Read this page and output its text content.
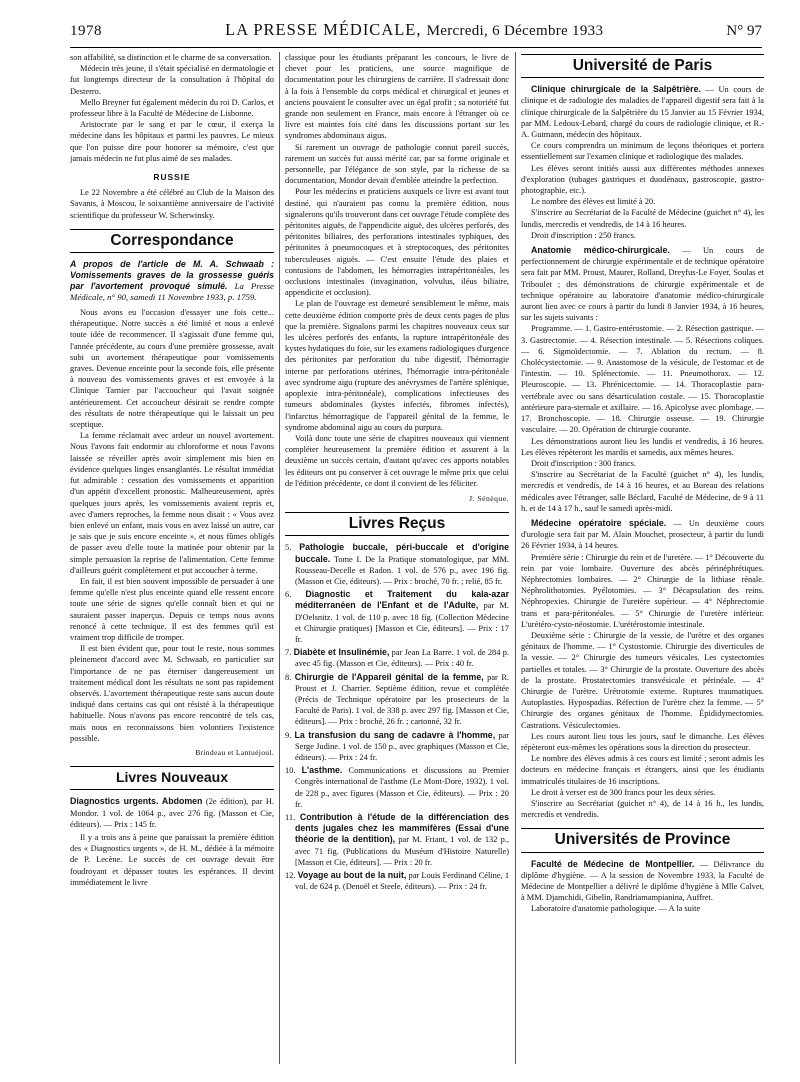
1978	LA PRESSE MÉDICALE, Mercredi, 6 Décembre 1933	N° 97

son affabilité, sa distinction et le charme de sa conversation.

Médecin très jeune, il s'était spécialisé en dermatologie et fut longtemps directeur de la consultation à l'hôpital do Desterro.

Mello Breyner fut également médecin du roi D. Carlos, et professeur libre à la Faculté de Médecine de Lisbonne.

Aristocrate par le sang et par le cœur, il exerça la médecine dans les hôpitaux et parmi les pauvres. Le mieux que l'on puisse dire pour honorer sa mémoire, c'est que jamais médecin ne fut plus aimé de ses malades.

RUSSIE

Le 22 Novembre a été célébré au Club de la Maison des Savants, à Moscou, le soixantième anniversaire de l'activité scientifique du professeur W. Scherwinsky.

Correspondance

A propos de l'article de M. A. Schwaab : Vomissements graves de la grossesse guéris par l'avortement provoqué simulé. La Presse Médicale, n° 90, samedi 11 Novembre 1933, p. 1759.

Nous avons eu l'occasion d'essayer une fois cette... thérapeutique. Notre succès a été limité et nous a enlevé toute idée de recommencer. Il s'agissait d'une femme qui, l'année précédente, au cours d'une première grossesse, avait subi un avortement thérapeutique pour vomissements graves. Devenue enceinte pour la seconde fois, elle présente à nouveau des vomissements graves et est envoyée à la Clinique Tarnier par l'accoucheur qui l'avait soignée antérieurement. Cet accoucheur désirait se rendre compte des résultats de notre thérapeutique qui le laissait un peu sceptique.

La femme réclamait avec ardeur un nouvel avortement. Nous l'avons fait endormir au chloroforme et nous l'avons laissée se réveiller après avoir simplement mis bien en évidence quelques linges ensanglantés. Le résultat immédiat fut admirable : cessation des vomissements et apparition d'un appétit d'excellent pronostic. Malheureusement, après quelques jours après, les vomissements avaient repris et, avec d'amers reproches, la femme nous disait : « Vous avez bien enlevé un enfant, mais vous en avez laissé un autre, car je sais que je suis encore enceinte », et nous fûmes obligés de passer aveu d'elle toute la matinée pour obtenir par la simple persuasion la reprise de l'alimentation. Cette femme d'ailleurs guérit complètement et put accoucher à terme.

En fait, il est bien souvent impossible de persuader à une femme qu'elle n'est plus enceinte quand elle ressent encore toute une série de signes qu'elle connaît bien et qui ne sauraient passer inaperçus. Depuis ce temps nous avons renoncé à cette technique. Il est des femmes qu'il est vraiment trop difficile de tromper.

Il est bien évident que, pour tout le reste, nous sommes pleinement d'accord avec M. Schwaab, en particulier sur l'importance de ne pas éterniser dangereusement un traitement médical dont les résultats ne sont pas rapidement observés. L'avortement thérapeutique reste sans aucun doute indiqué dans certains cas qui ont résisté à la thérapeutique habituelle. Nous n'avons pas encore rencontré de tels cas, mais nous en reconnaissons bien volontiers l'existence possible.

Brindeau et Lantuéjoul.

Livres Nouveaux

Diagnostics urgents. Abdomen (2e édition), par H. Mondor. 1 vol. de 1064 p., avec 276 fig. (Masson et Cie, éditeurs). — Prix : 145 fr.

Il y a trois ans à peine que paraissait la première édition des « Diagnostics urgents », de H. M., dédiée à la mémoire de P. Lecène. Le succès de cet ouvrage devait être foudroyant et dépasser toutes les espérances. Il devint immédiatement le livre

classique pour les étudiants préparant les concours, le livre de chevet pour les praticiens, une source magnifique de documentation pour les chirurgiens de carrière. Il s'adressait donc à la fois à l'ensemble du corps médical et chirurgical et jeunes et anciens pouvaient le consulter avec un égal profit ; sa notoriété fut grande non seulement en France, mais encore à l'étranger où ce livre est maintes fois cité dans les discussions portant sur les syndromes abdominaux aigus.

Si rarement un ouvrage de pathologie connut pareil succès, rarement un succès fut aussi mérité car, par sa forme originale et personnelle, par l'élégance de son style, par la richesse de sa documentation, Mondor devait d'emblée atteindre la perfection.

Pour les médecins et praticiens auxquels ce livre est avant tout destiné, qui n'auraient pas connu la première édition, nous signalerons qu'ils trouveront dans cet ouvrage l'étude complète des péritonites aiguës, de l'appendicite aiguë, des ulcères perforés, des péritonites biliaires, des perforations intestinales typhiques, des péritonites à pneumocoques et à streptocoques, des péritonites tuberculeuses aiguës. — C'est ensuite l'étude des plaies et contusions de l'abdomen, les hémorragies intrapéritonéales, les occlusions intestinales (invagination, volvulus, iléus biliaire, appendicite et occlusion).

Le plan de l'ouvrage est demeuré sensiblement le même, mais cette deuxième édition comporte près de deux cents pages de plus que la première. Signalons parmi les chapitres nouveaux ceux sur les ulcères perforés des enfants, la rupture intrapéritonéale des kystes hydatiques du foie, sur les examens radiologiques d'urgence des péritonites par perforation du tube digestif, l'hémorragie interne par perforations utérines, l'hémorragie intra-péritonéale avec syndrome aigu (rupture des anévrysmes de l'artère splénique, apoplexie intra-péritonéale), complications infectieuses des tumeurs abdominales (kystes infectés, fibromes infectés), l'infarctus hémorragique de l'appareil génital de la femme, le syndrome abdominal aigu au cours du purpura.

Voilà donc toute une série de chapitres nouveaux qui viennent compléter heureusement la première édition et assurent à la deuxième un succès certain, d'autant qu'avec ces apports notables les éditeurs ont pu conserver à cet ouvrage le même prix que celui de l'édition précédente, ce dont il convient de les féliciter.

J. Sénèque.

Livres Reçus

5. Pathologie buccale, péri-buccale et d'origine buccale. Tome I. De la Pratique stomatologique, par MM. Rousseau-Decelle et Radon. 1 vol. de 576 p., avec 196 fig. (Masson et Cie, éditeurs). — Prix : broché, 70 fr. ; relié, 85 fr.

6. Diagnostic et Traitement du kala-azar méditerranéen de l'Enfant et de l'Adulte, par M. D'Oelsnitz. 1 vol. de 110 p. avec 18 fig. (Collection Médecine et Chirurgie pratiques) [Masson et Cie, éditeurs]. — Prix : 17 fr.

7. Diabète et Insulinémie, par Jean La Barre. 1 vol. de 284 p. avec 45 fig. (Masson et Cie, éditeurs). — Prix : 40 fr.

8. Chirurgie de l'Appareil génital de la femme, par R. Proust et J. Charrier. Septième édition, revue et complétée (Précis de Technique opératoire par les prosecteurs de la Faculté de Paris). 1 vol. de 338 p. avec 297 fig. [Masson et Cie, éditeurs]. — Prix : broché, 26 fr. ; cartonné, 32 fr.

9. La transfusion du sang de cadavre à l'homme, par Serge Judine. 1 vol. de 150 p., avec graphiques (Masson et Cie, éditeurs). — Prix : 24 fr.

10. L'asthme. Communications et discussions au Premier Congrès international de l'asthme (Le Mont-Dore, 1932). 1 vol. de 228 p., avec figures (Masson et Cie, éditeurs). — Prix : 20 fr.

11. Contribution à l'étude de la différenciation des dents jugales chez les mammifères (Essai d'une théorie de la dentition), par M. Friant, 1 vol. de 132 p., avec 71 fig. (Publications du Muséum d'Histoire Naturelle) [Masson et Cie, éditeurs]. — Prix : 20 fr.

12. Voyage au bout de la nuit, par Louis Ferdinand Céline, 1 vol. de 624 p. (Denoël et Steele, éditeurs). — Prix : 24 fr.

Université de Paris

Clinique chirurgicale de la Salpêtrière. — Un cours de clinique et de radiologie des maladies de l'appareil digestif sera fait à la clinique chirurgicale de la Salpêtrière du 15 Janvier au 15 Février 1934, par MM. Ledoux-Lebard, chargé du cours de radiologie clinique, et R.-A. Gutmann, médecin des hôpitaux.

Ce cours comprendra un minimum de leçons théoriques et portera essentiellement sur l'examen clinique et radiologique des malades.

Les élèves seront initiés aussi aux différentes méthodes annexes d'exploration (tubages gastriques et duodénaux, gastroscopie, gastro-photographie, etc.).

Le nombre des élèves est limité à 20.

S'inscrire au Secrétariat de la Faculté de Médecine (guichet n° 4), les lundis, mercredis et vendredis, de 14 à 16 heures.

Droit d'inscription : 250 francs.

Anatomie médico-chirurgicale. — Un cours de perfectionnement de chirurgie expérimentale et de technique opératoire sera fait par MM. Proust, Maurer, Rolland, Dreyfus-Le Foyer, Soulas et Triboulet ; des démonstrations de chirurgie expérimentale et de technique opératoire au laboratoire d'anatomie médico-chirurgicale auront lieu avec ce cours à partir du lundi 8 Janvier 1934, à 16 heures, sur les sujets suivants :

Programme. — 1. Gastro-entérostomie. — 2. Résection gastrique. — 3. Gastrectomie. — 4. Résection intestinale. — 5. Résections coliques. — 6. Sigmoïdectomie. — 7. Ablation du rectum. — 8. Cholécystectomie. — 9. Anastomose de la vésicule, de l'estomac et de l'intestin. — 10. Splénectomie. — 11. Pneumothorax. — 12. Pleuroscopie. — 13. Phrénicectomie. — 14. Thoracoplastie para-vertébrale avec ou sans désarticulation costale. — 15. Thoracoplastie antérieure para-sternale et axillaire. — 16. Apicolyse avec plombage. — 17. Bronchoscopie. — 18. Chirurgie osseuse. — 19. Chirurgie vasculaire. — 20. Opération de chirurgie courante.

Les démonstrations auront lieu les lundis et vendredis, à 16 heures. Les élèves répèteront les mardis et samedis, aux mêmes heures.

Droit d'inscription : 300 francs.

S'inscrire au Secrétariat de la Faculté (guichet n° 4), les lundis, mercredis et vendredis, de 14 à 16 heures, et au Bureau des relations médicales avec l'étranger, salle Béclard, Faculté de Médecine, de 9 à 11 h. et de 14 à 17 h., sauf le samedi après-midi.

Médecine opératoire spéciale. — Un deuxième cours d'urologie sera fait par M. Alain Mouchet, prosecteur, à partir du lundi 26 Février 1934, à 14 heures.

Première série : Chirurgie du rein et de l'uretère. — 1° Découverte du rein par voie lombaire. Ouverture des abcès périnéphrétiques. Néphrectomies lombaires. — 2° Chirurgie de la lithiase rénale. Néphrolithotomies. Pyélotomies. — 3° Décapsulation des reins. Néphropexies. Chirurgie de l'uretère supérieur. — 4° Néphrectomie trans et para-péritonéales. — 5° Chirurgie de l'uretère inférieur. L'urétéro-cysto-néostomie. L'urétérostomie intestinale.

Deuxième série : Chirurgie de la vessie, de l'urètre et des organes génitaux de l'homme. — 1° Cystostomie. Chirurgie des diverticules de la vessie. — 2° Chirurgie des tumeurs vésicales. Les cystectomies partielles et totales. — 3° Chirurgie de la prostate. Ouverture des abcès de la prostate. Prostatectomies transvésicale et périnéale. — 4° Chirurgie de l'urètre. Urétrotomie externe. Ruptures traumatiques. Autoplasties. Hypospadias. Réfection de l'urètre chez la femme. — 5° Chirurgie des organes génitaux de l'homme. Épididymectomies. Castrations. Vésiculectomies.

Les cours auront lieu tous les jours, sauf le dimanche. Les élèves répèteront eux-mêmes les opérations sous la direction du prosecteur.

Le nombre des élèves admis à ces cours est limité ; seront admis les docteurs en médecine français et étrangers, ainsi que les étudiants immatriculés titulaires de 16 inscriptions.

Le droit à verser est de 300 francs pour les deux séries.

S'inscrire au Secrétariat (guichet n° 4), de 14 à 16 h., les lundis, mercredis et vendredis.

Universités de Province

Faculté de Médecine de Montpellier. — Délivrance du diplôme d'hygiène. — A la session de Novembre 1933, la Faculté de Médecine de Montpellier a délivré le diplôme d'hygiène à Mlle Calvet, à MM. Djamchidi, Gibelin, Randriamampianina, Auffret.

Laboratoire d'anatomie pathologique. — A la suite
